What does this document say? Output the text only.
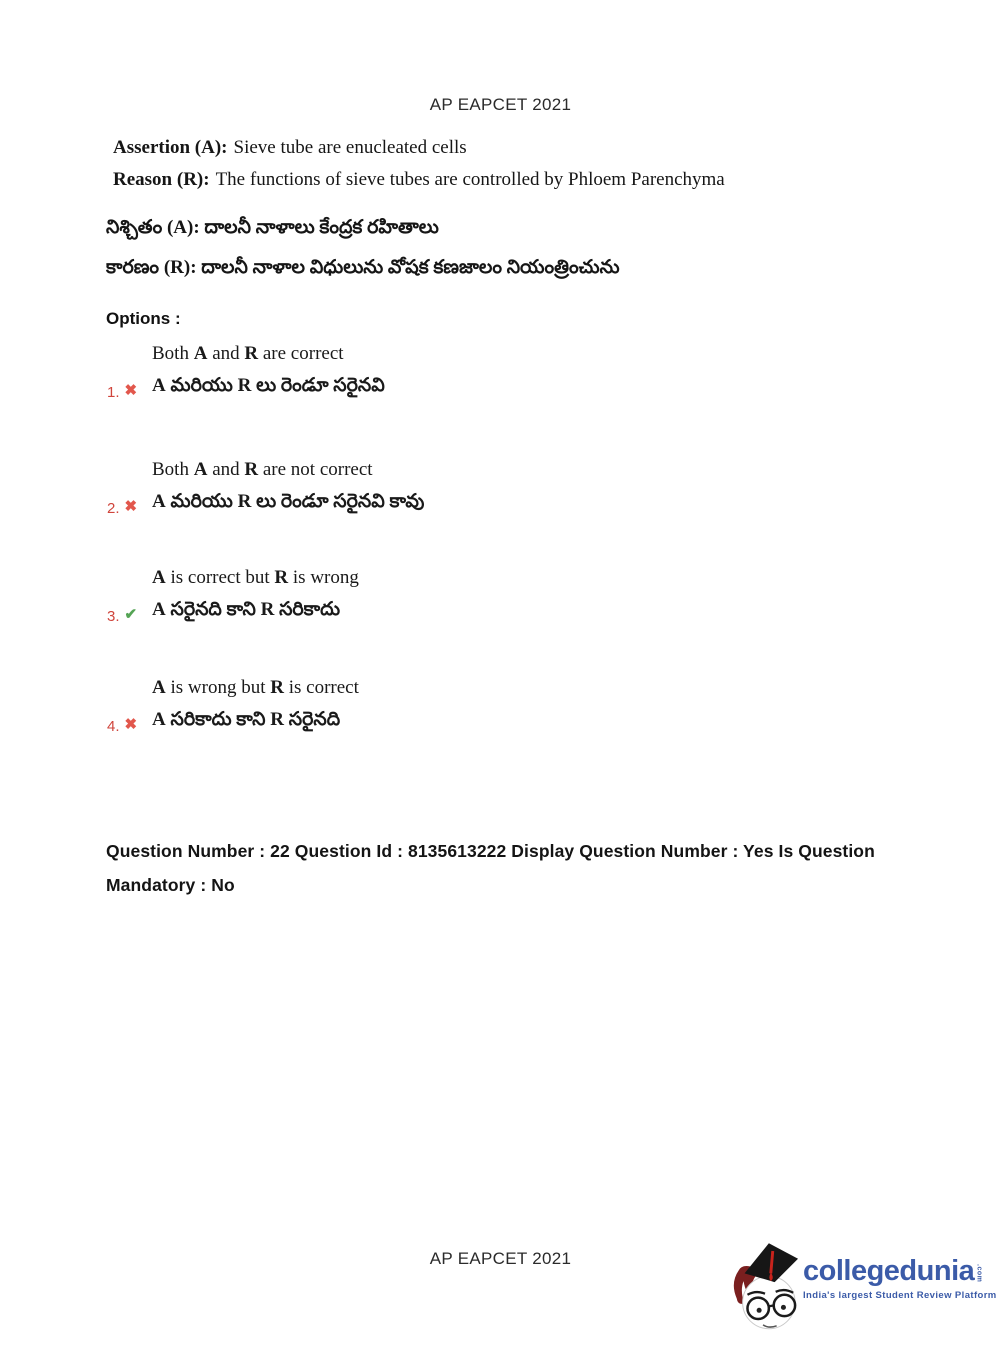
AP EAPCET 2021
Assertion (A): Sieve tube are enucleated cells
Reason (R): The functions of sieve tubes are controlled by Phloem Parenchyma
నిశ్చితం (A): దాలనీ నాళాలు కేంద్రక రహితాలు
కారణం (R): దాలనీ నాళాల విధులును వోషక కణజాలం నియంత్రించును
Options :
1. ✖
Both A and R are correct
A మరియు R లు రెండూ సరైనవి
2. ✖
Both A and R are not correct
A మరియు R లు రెండూ సరైనవి కావు
3. ✔
A is correct but R is wrong
A సరైనది కాని R సరికాదు
4. ✖
A is wrong but R is correct
A సరికాదు కాని R సరైనది
Question Number : 22 Question Id : 8135613222 Display Question Number : Yes Is Question
Mandatory : No
AP EAPCET 2021	collegedunia .com
India's largest Student Review Platform
